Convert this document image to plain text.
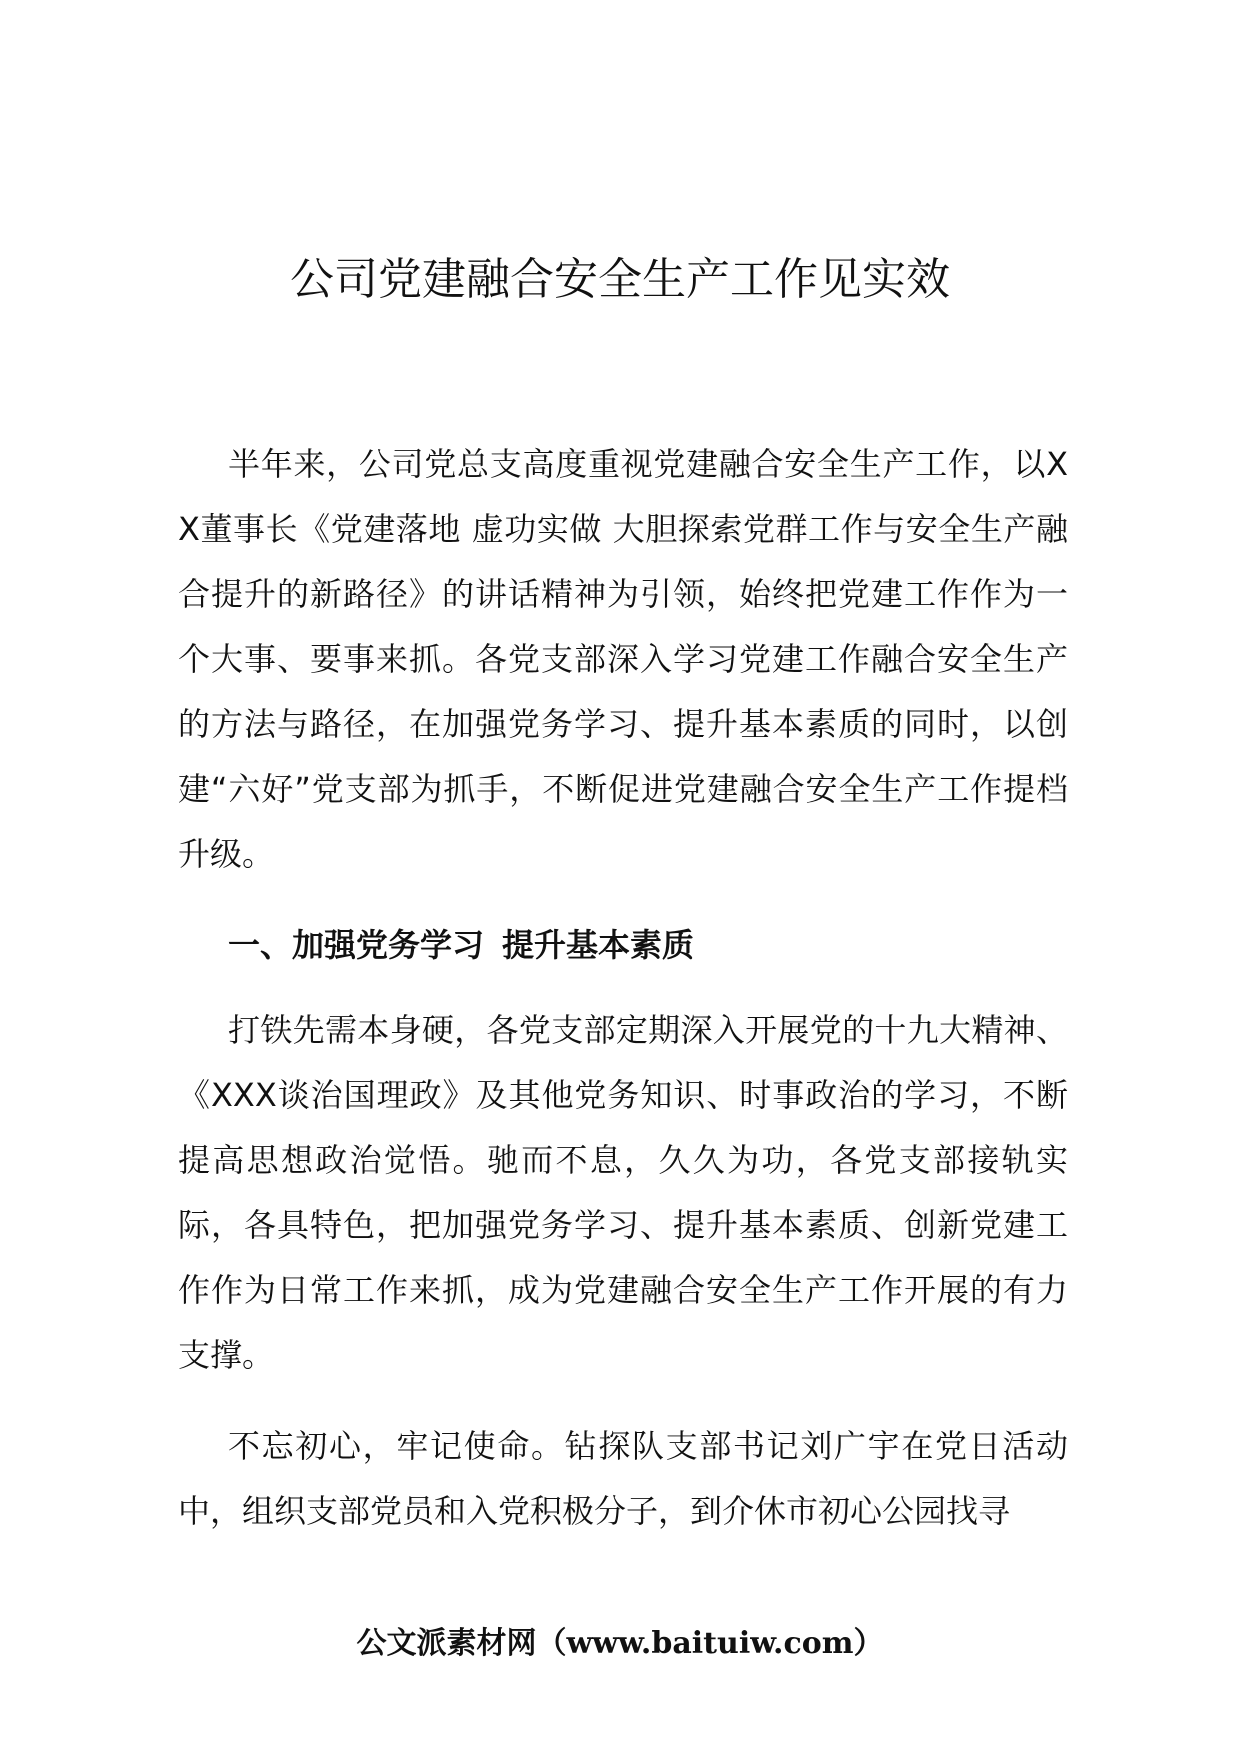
公司党建融合安全生产工作见实效

半年来，公司党总支高度重视党建融合安全生产工作，以XX董事长《党建落地 虚功实做 大胆探索党群工作与安全生产融合提升的新路径》的讲话精神为引领，始终把党建工作作为一个大事、要事来抓。各党支部深入学习党建工作融合安全生产的方法与路径，在加强党务学习、提升基本素质的同时，以创建“六好”党支部为抓手，不断促进党建融合安全生产工作提档升级。

一、加强党务学习 提升基本素质

打铁先需本身硬，各党支部定期深入开展党的十九大精神、《XXX谈治国理政》及其他党务知识、时事政治的学习，不断提高思想政治觉悟。驰而不息，久久为功，各党支部接轨实际，各具特色，把加强党务学习、提升基本素质、创新党建工作作为日常工作来抓，成为党建融合安全生产工作开展的有力支撑。

不忘初心，牢记使命。钻探队支部书记刘广宇在党日活动中，组织支部党员和入党积极分子，到介休市初心公园找寻

公文派素材网（www.baituiw.com）
